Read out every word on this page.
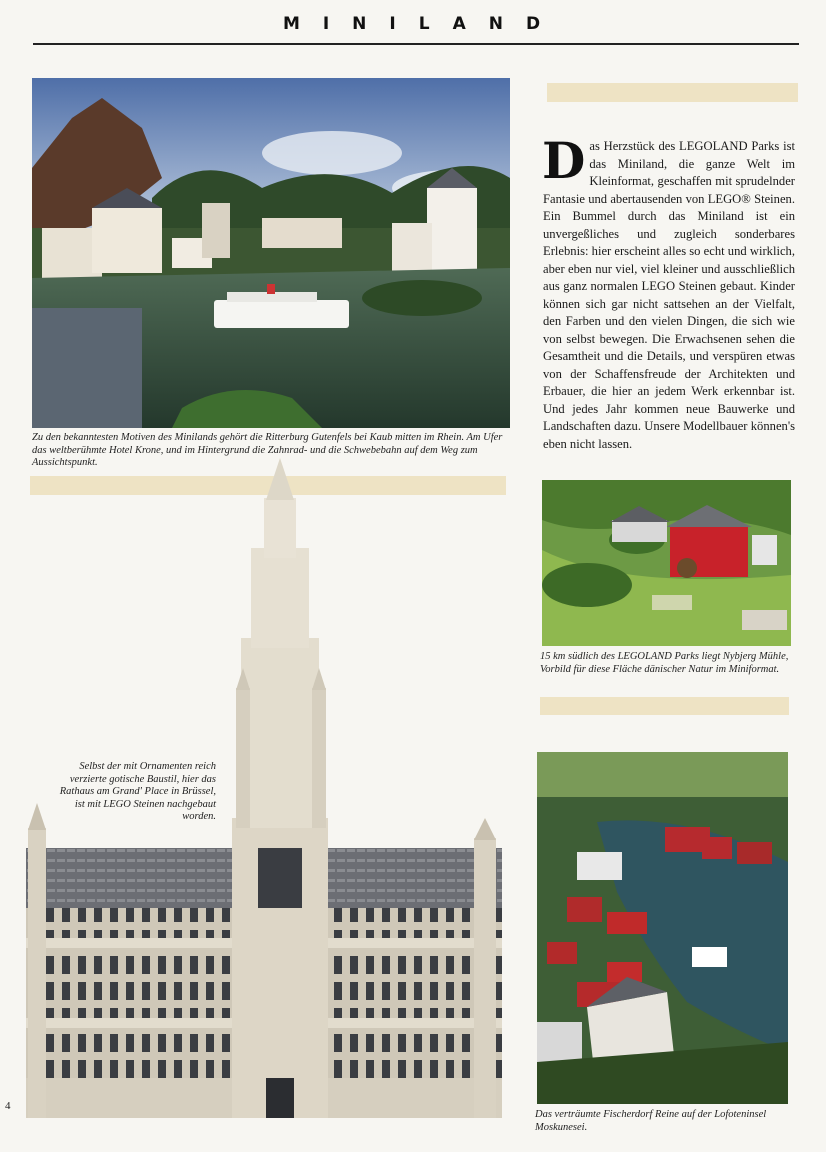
MINILAND
Zu den bekanntesten Motiven des Minilands gehört die Ritterburg Gutenfels bei Kaub mitten im Rhein. Am Ufer das weltberühmte Hotel Krone, und im Hintergrund die Zahnrad- und die Schwebebahn auf dem Weg zum Aussichtspunkt.
Das Herzstück des LEGOLAND Parks ist das Miniland, die ganze Welt im Kleinformat, geschaffen mit sprudelnder Fantasie und abertausenden von LEGO® Steinen. Ein Bummel durch das Miniland ist ein unvergeßliches und zugleich sonderbares Erlebnis: hier erscheint alles so echt und wirklich, aber eben nur viel, viel kleiner und ausschließlich aus ganz normalen LEGO Steinen gebaut. Kinder können sich gar nicht sattsehen an der Vielfalt, den Farben und den vielen Dingen, die sich wie von selbst bewegen. Die Erwachsenen sehen die Gesamtheit und die Details, und verspüren etwas von der Schaffensfreude der Architekten und Erbauer, die hier an jedem Werk erkennbar ist. Und jedes Jahr kommen neue Bauwerke und Landschaften dazu. Unsere Modellbauer können's eben nicht lassen.
15 km südlich des LEGOLAND Parks liegt Nybjerg Mühle, Vorbild für diese Fläche dänischer Natur im Miniformat.
Das verträumte Fischerdorf Reine auf der Lofoteninsel Moskunesei.
Selbst der mit Ornamenten reich verzierte gotische Baustil, hier das Rathaus am Grand' Place in Brüssel, ist mit LEGO Steinen nachgebaut worden.
4
